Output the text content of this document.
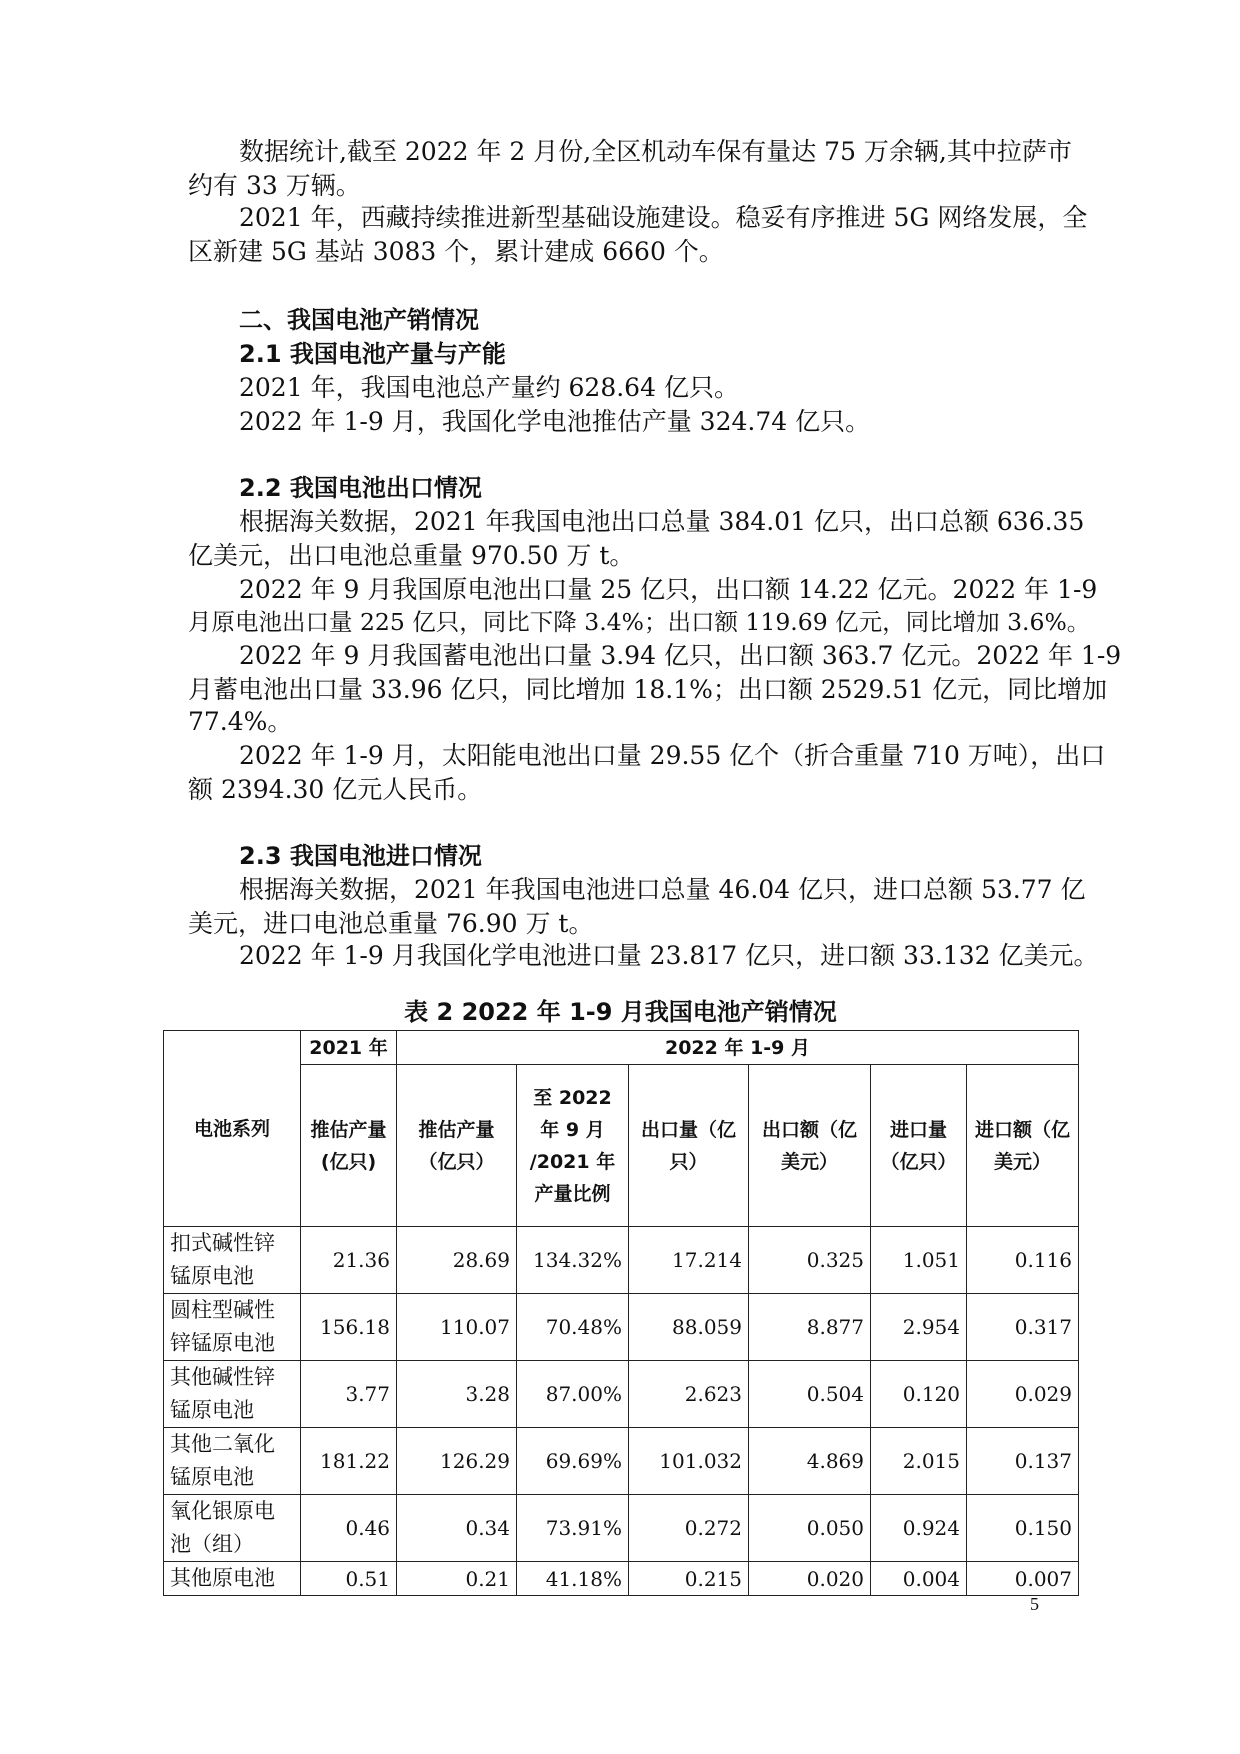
数据统计,截至 2022 年 2 月份,全区机动车保有量达 75 万余辆,其中拉萨市
约有 33 万辆。
2021 年，西藏持续推进新型基础设施建设。稳妥有序推进 5G 网络发展，全
区新建 5G 基站 3083 个，累计建成 6660 个。
二、我国电池产销情况
2.1 我国电池产量与产能
2021 年，我国电池总产量约 628.64 亿只。
2022 年 1-9 月，我国化学电池推估产量 324.74 亿只。
2.2 我国电池出口情况
根据海关数据，2021 年我国电池出口总量 384.01 亿只，出口总额 636.35
亿美元，出口电池总重量 970.50 万 t。
2022 年 9 月我国原电池出口量 25 亿只，出口额 14.22 亿元。2022 年 1-9
月原电池出口量 225 亿只，同比下降 3.4%；出口额 119.69 亿元，同比增加 3.6%。
2022 年 9 月我国蓄电池出口量 3.94 亿只，出口额 363.7 亿元。2022 年 1-9
月蓄电池出口量 33.96 亿只，同比增加 18.1%；出口额 2529.51 亿元，同比增加
77.4%。
2022 年 1-9 月，太阳能电池出口量 29.55 亿个（折合重量 710 万吨），出口
额 2394.30 亿元人民币。
2.3 我国电池进口情况
根据海关数据，2021 年我国电池进口总量 46.04 亿只，进口总额 53.77 亿
美元，进口电池总重量 76.90 万 t。
2022 年 1-9 月我国化学电池进口量 23.817 亿只，进口额 33.132 亿美元。
表 2 2022 年 1-9 月我国电池产销情况
电池系列	2021 年	2022 年 1-9 月					
	推估产量(亿只)	推估产量（亿只）	至 2022 年 9 月 /2021 年产量比例	出口量（亿只）	出口额（亿美元）	进口量（亿只）	进口额（亿美元）
扣式碱性锌锰原电池	21.36	28.69	134.32%	17.214	0.325	1.051	0.116
圆柱型碱性锌锰原电池	156.18	110.07	70.48%	88.059	8.877	2.954	0.317
其他碱性锌锰原电池	3.77	3.28	87.00%	2.623	0.504	0.120	0.029
其他二氧化锰原电池	181.22	126.29	69.69%	101.032	4.869	2.015	0.137
氧化银原电池（组）	0.46	0.34	73.91%	0.272	0.050	0.924	0.150
其他原电池	0.51	0.21	41.18%	0.215	0.020	0.004	0.007
5
